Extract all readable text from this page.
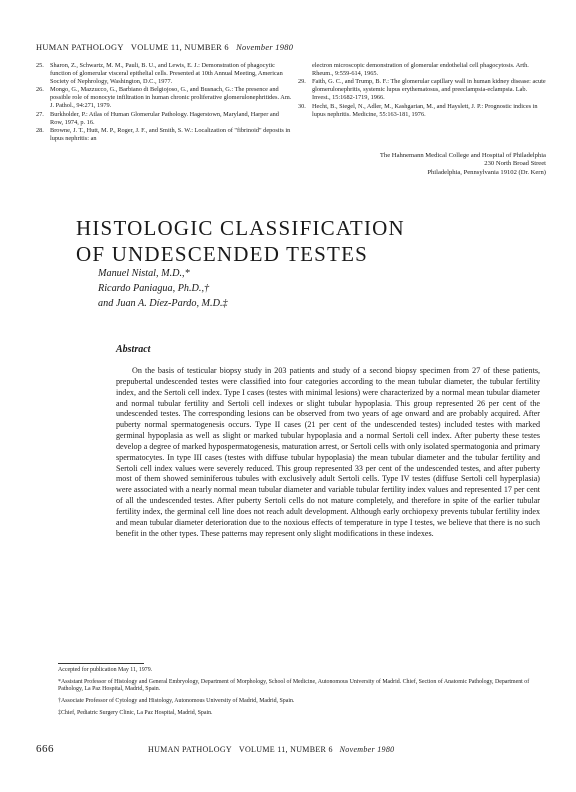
HUMAN PATHOLOGY VOLUME 11, NUMBER 6 November 1980
25. Sharon, Z., Schwartz, M. M., Pauli, B. U., and Lewis, E. J.: Demonstration of phagocytic function of glomerular visceral epithelial cells. Presented at 10th Annual Meeting, American Society of Nephrology, Washington, D.C., 1977.
26. Mongo, G., Mazzucco, G., Barbiano di Belgiojoso, G., and Busnach, G.: The presence and possible role of monocyte infiltration in human chronic proliferative glomerulonephritides. Am. J. Pathol., 94:271, 1979.
27. Burkholder, P.: Atlas of Human Glomerular Pathology. Hagerstown, Maryland, Harper and Row, 1974, p. 16.
28. Browne, J. T., Hutt, M. P., Roger, J. F., and Smith, S. W.: Localization of "fibrinoid" deposits in lupus nephritis: an
electron microscopic demonstration of glomerular endothelial cell phagocytosis. Arth. Rheum., 9:559-614, 1965.
29. Faith, G. C., and Trump, B. F.: The glomerular capillary wall in human kidney disease: acute glomerulonephritis, systemic lupus erythematosus, and preeclampsia-eclampsia. Lab. Invest., 15:1682-1719, 1966.
30. Hecht, B., Siegel, N., Adler, M., Kashgarian, M., and Hayslett, J. P.: Prognostic indices in lupus nephritis. Medicine, 55:163-181, 1976.
The Hahnemann Medical College and Hospital of Philadelphia
230 North Broad Street
Philadelphia, Pennsylvania 19102 (Dr. Kern)
HISTOLOGIC CLASSIFICATION
OF UNDESCENDED TESTES
Manuel Nistal, M.D.,*
Ricardo Paniagua, Ph.D.,†
and Juan A. Díez-Pardo, M.D.‡
Abstract

On the basis of testicular biopsy study in 203 patients and study of a second biopsy specimen from 27 of these patients, prepubertal undescended testes were classified into four categories according to the mean tubular diameter, the tubular fertility index, and the Sertoli cell index. Type I cases (testes with minimal lesions) were characterized by a normal mean tubular diameter and normal tubular fertility and Sertoli cell indexes or slight tubular hypoplasia. This group represented 26 per cent of the undescended testes. The corresponding lesions can be observed from two years of age onward and are probably acquired. After puberty normal spermatogenesis occurs. Type II cases (21 per cent of the undescended testes) included testes with marked germinal hypoplasia as well as slight or marked tubular hypoplasia and a normal Sertoli cell index. After puberty these testes develop a degree of marked hypospermatogenesis, maturation arrest, or Sertoli cells with only isolated spermatogonia and primary spermatocytes. In type III cases (testes with diffuse tubular hypoplasia) the mean tubular diameter and the tubular fertility and Sertoli cell index values were severely reduced. This group represented 33 per cent of the undescended testes, and after puberty most of them showed seminiferous tubules with exclusively adult Sertoli cells. Type IV testes (diffuse Sertoli cell hyperplasia) were associated with a nearly normal mean tubular diameter and variable tubular fertility index values and represented 17 per cent of all the undescended testes. After puberty Sertoli cells do not mature completely, and therefore in spite of the earlier tubular fertility index, the germinal cell line does not reach adult development. Although early orchiopexy prevents tubular fertility index and mean tubular diameter deterioration due to the noxious effects of temperature in type I testes, we believe that there is no such benefit in the other types. These patterns may represent only slight modifications in these indexes.

Accepted for publication May 11, 1979.
*Assistant Professor of Histology and General Embryology, Department of Morphology, School of Medicine, Autonomous University of Madrid. Chief, Section of Anatomic Pathology, Department of Pathology, La Paz Hospital, Madrid, Spain.
†Associate Professor of Cytology and Histology, Autonomous University of Madrid, Madrid, Spain.
‡Chief, Pediatric Surgery Clinic, La Paz Hospital, Madrid, Spain.
666	HUMAN PATHOLOGY VOLUME 11, NUMBER 6 November 1980
